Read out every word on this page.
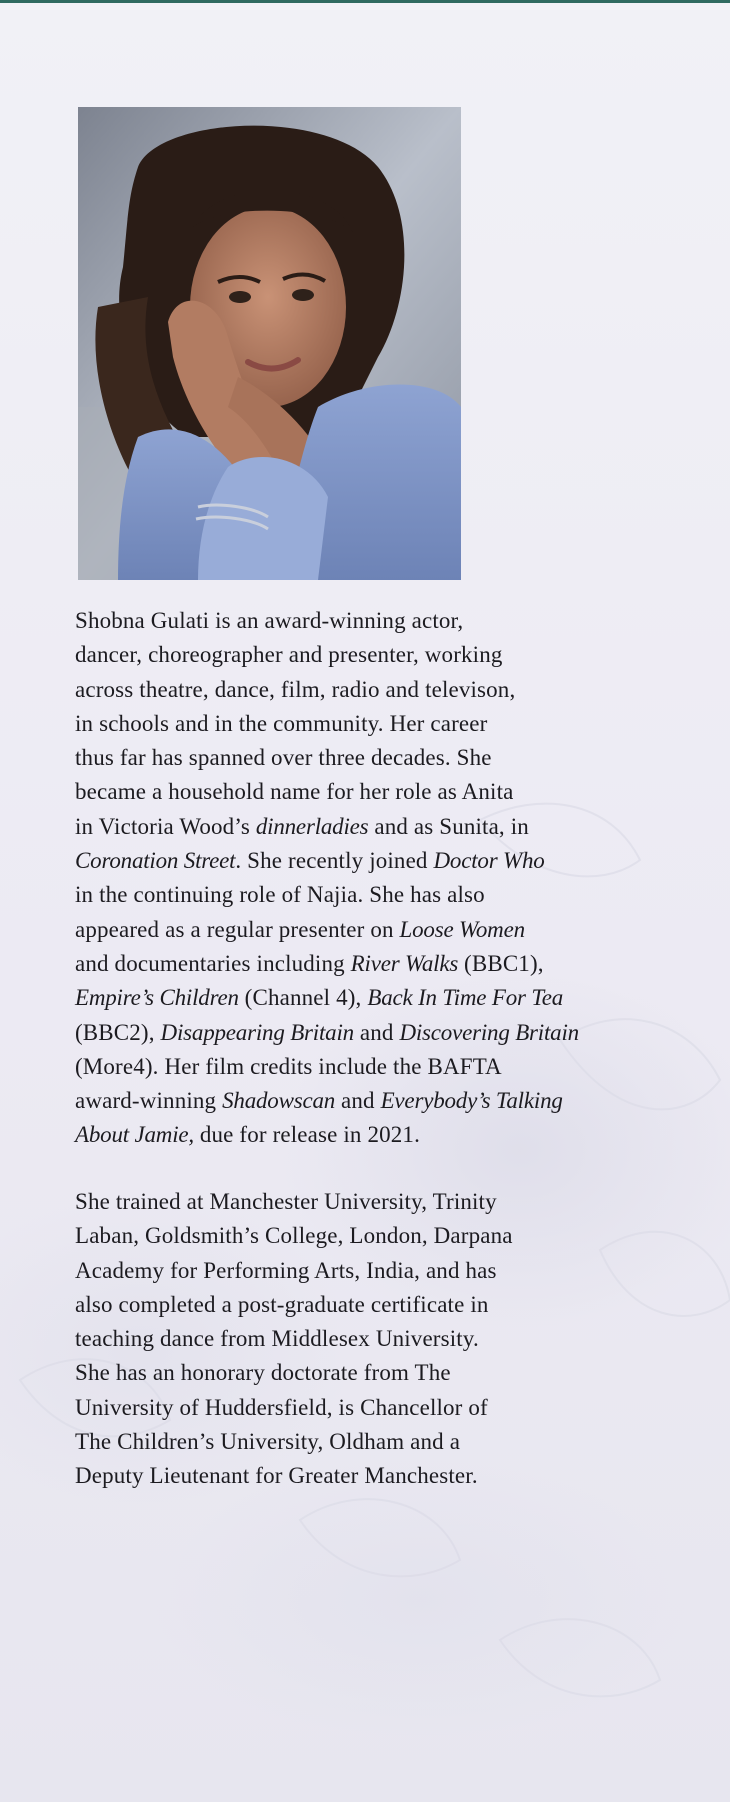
Shobna Gulati is an award-winning actor,
dancer, choreographer and presenter, working
across theatre, dance, film, radio and televison,
in schools and in the community. Her career
thus far has spanned over three decades. She
became a household name for her role as Anita
in Victoria Wood’s dinnerladies and as Sunita, in
Coronation Street. She recently joined Doctor Who
in the continuing role of Najia. She has also
appeared as a regular presenter on Loose Women
and documentaries including River Walks (BBC1),
Empire’s Children (Channel 4), Back In Time For Tea
(BBC2), Disappearing Britain and Discovering Britain
(More4). Her film credits include the BAFTA
award-winning Shadowscan and Everybody’s Talking
About Jamie, due for release in 2021.
She trained at Manchester University, Trinity
Laban, Goldsmith’s College, London, Darpana
Academy for Performing Arts, India, and has
also completed a post-graduate certificate in
teaching dance from Middlesex University.
She has an honorary doctorate from The
University of Huddersfield, is Chancellor of
The Children’s University, Oldham and a
Deputy Lieutenant for Greater Manchester.
